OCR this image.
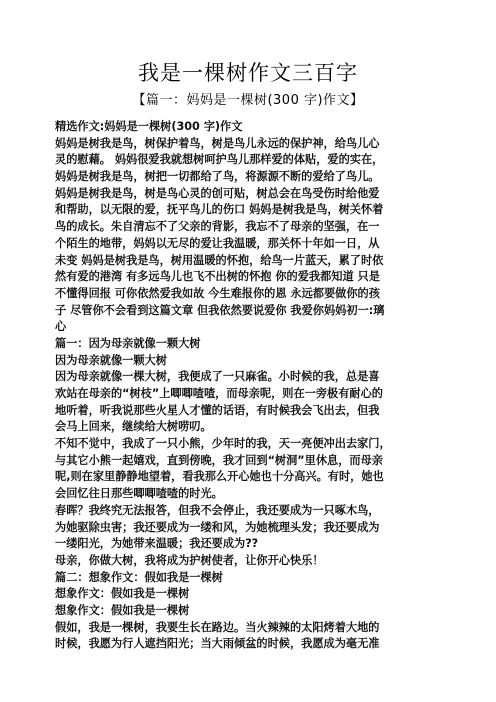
我是一棵树作文三百字
【篇一：妈妈是一棵树(300 字)作文】
精选作文:妈妈是一棵树(300 字)作文
妈妈是树我是鸟，树保护着鸟，树是鸟儿永远的保护神，给鸟儿心
灵的慰藉。 妈妈很爱我就想树呵护鸟儿那样爱的体贴，爱的实在，
妈妈是树我是鸟，树把一切都给了鸟，将源源不断的爱给了鸟儿。
妈妈是树我是鸟，树是鸟心灵的创可贴，树总会在鸟受伤时给他爱
和帮助，以无限的爱，抚平鸟儿的伤口 妈妈是树我是鸟，树关怀着
鸟的成长。朱自清忘不了父亲的背影，我忘不了母亲的坚强，在一
个陌生的地带，妈妈以无尽的爱让我温暖，那关怀十年如一日，从
未变 妈妈是树我是鸟，树用温暖的怀抱，给鸟一片蓝天，累了时依
然有爱的港湾 有多远鸟儿也飞不出树的怀抱 你的爱我都知道 只是
不懂得回报 可你依然爱我如故 今生难报你的恩 永远都要做你的孩
子 尽管你不会看到这篇文章 但我依然要说爱你 我爱你妈妈初一:璃
心
篇一：因为母亲就像一颗大树
因为母亲就像一颗大树
因为母亲就像一棵大树，我便成了一只麻雀。小时候的我，总是喜
欢站在母亲的“树枝”上唧唧喳喳，而母亲呢，则在一旁极有耐心的
地听着，听我说那些火星人才懂的话语，有时候我会飞出去，但我
会马上回来，继续给大树唠叨。
不知不觉中，我成了一只小熊，少年时的我，天一亮便冲出去家门，
与其它小熊一起嬉戏，直到傍晚，我才回到“树洞”里休息，而母亲
呢,则在家里静静地望着，看我那么开心她也十分高兴。有时，她也
会回忆往日那些唧唧喳喳的时光。
春晖？我终究无法报答，但我不会停止，我还要成为一只啄木鸟，
为她驱除虫害；我还要成为一缕和风，为她梳理头发；我还要成为
一缕阳光，为她带来温暖；我还要成为??
母亲，你做大树，我将成为护树使者，让你开心快乐！
篇二：想象作文：假如我是一棵树
想象作文：假如我是一棵树
想象作文：假如我是一棵树
假如，我是一棵树，我要生长在路边。当火辣辣的太阳烤着大地的
时候，我愿为行人遮挡阳光；当大雨倾盆的时候，我愿成为毫无准
